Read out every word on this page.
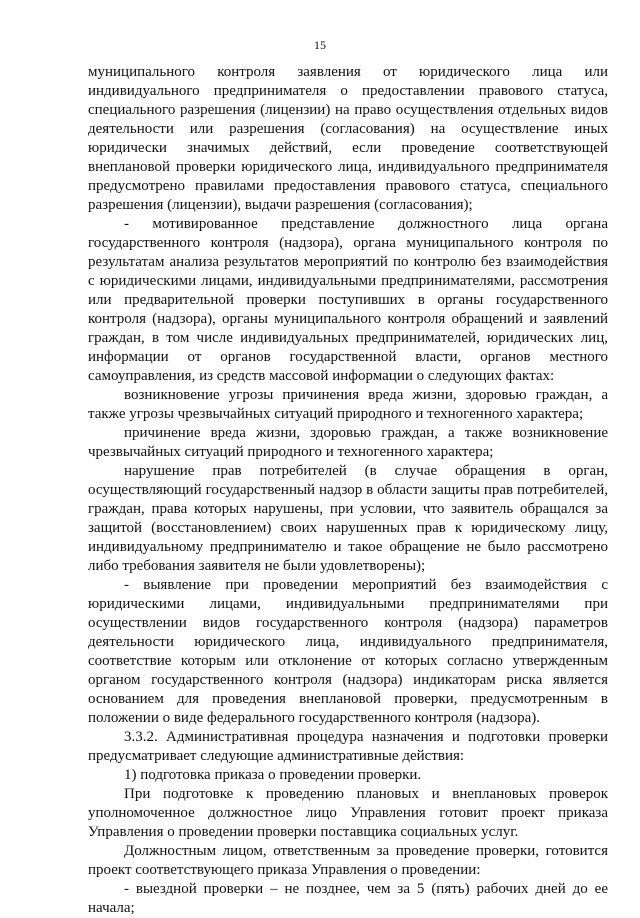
15

муниципального контроля заявления от юридического лица или индивидуального предпринимателя о предоставлении правового статуса, специального разрешения (лицензии) на право осуществления отдельных видов деятельности или разрешения (согласования) на осуществление иных юридически значимых действий, если проведение соответствующей внеплановой проверки юридического лица, индивидуального предпринимателя предусмотрено правилами предоставления правового статуса, специального разрешения (лицензии), выдачи разрешения (согласования);

- мотивированное представление должностного лица органа государственного контроля (надзора), органа муниципального контроля по результатам анализа результатов мероприятий по контролю без взаимодействия с юридическими лицами, индивидуальными предпринимателями, рассмотрения или предварительной проверки поступивших в органы государственного контроля (надзора), органы муниципального контроля обращений и заявлений граждан, в том числе индивидуальных предпринимателей, юридических лиц, информации от органов государственной власти, органов местного самоуправления, из средств массовой информации о следующих фактах:

возникновение угрозы причинения вреда жизни, здоровью граждан, а также угрозы чрезвычайных ситуаций природного и техногенного характера;

причинение вреда жизни, здоровью граждан, а также возникновение чрезвычайных ситуаций природного и техногенного характера;

нарушение прав потребителей (в случае обращения в орган, осуществляющий государственный надзор в области защиты прав потребителей, граждан, права которых нарушены, при условии, что заявитель обращался за защитой (восстановлением) своих нарушенных прав к юридическому лицу, индивидуальному предпринимателю и такое обращение не было рассмотрено либо требования заявителя не были удовлетворены);

- выявление при проведении мероприятий без взаимодействия с юридическими лицами, индивидуальными предпринимателями при осуществлении видов государственного контроля (надзора) параметров деятельности юридического лица, индивидуального предпринимателя, соответствие которым или отклонение от которых согласно утвержденным органом государственного контроля (надзора) индикаторам риска является основанием для проведения внеплановой проверки, предусмотренным в положении о виде федерального государственного контроля (надзора).

3.3.2. Административная процедура назначения и подготовки проверки предусматривает следующие административные действия:

1) подготовка приказа о проведении проверки.

При подготовке к проведению плановых и внеплановых проверок уполномоченное должностное лицо Управления готовит проект приказа Управления о проведении проверки поставщика социальных услуг.

Должностным лицом, ответственным за проведение проверки, готовится проект соответствующего приказа Управления о проведении:

- выездной проверки – не позднее, чем за 5 (пять) рабочих дней до ее начала;
